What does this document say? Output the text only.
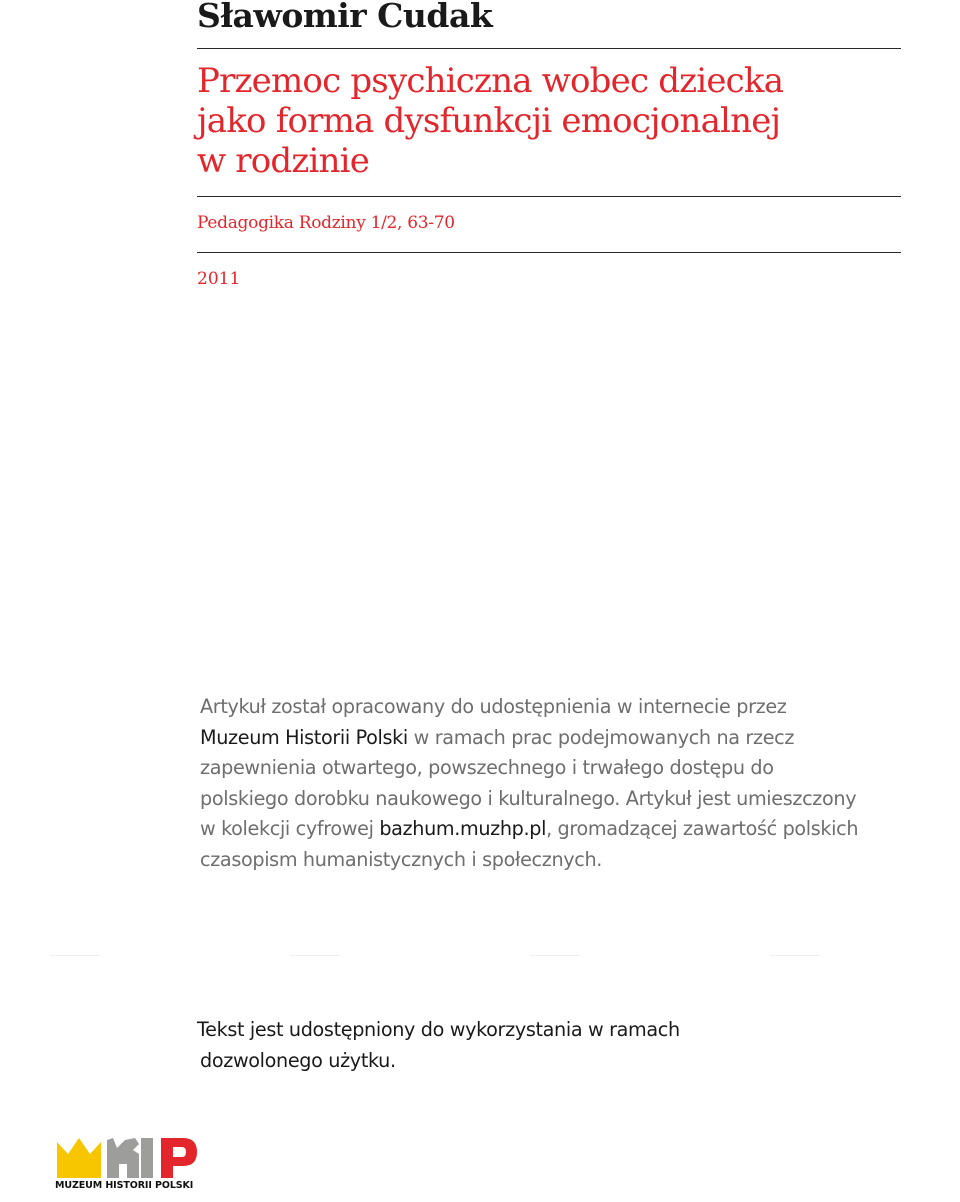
Sławomir Cudak
Przemoc psychiczna wobec dziecka
jako forma dysfunkcji emocjonalnej
w rodzinie
Pedagogika Rodziny 1/2, 63-70
2011
Artykuł został opracowany do udostępnienia w internecie przez
Muzeum Historii Polski w ramach prac podejmowanych na rzecz
zapewnienia otwartego, powszechnego i trwałego dostępu do
polskiego dorobku naukowego i kulturalnego. Artykuł jest umieszczony
w kolekcji cyfrowej bazhum.muzhp.pl, gromadzącej zawartość polskich
czasopism humanistycznych i społecznych.
Tekst jest udostępniony do wykorzystania w ramach
dozwolonego użytku.
MUZEUM HISTORII POLSKI
